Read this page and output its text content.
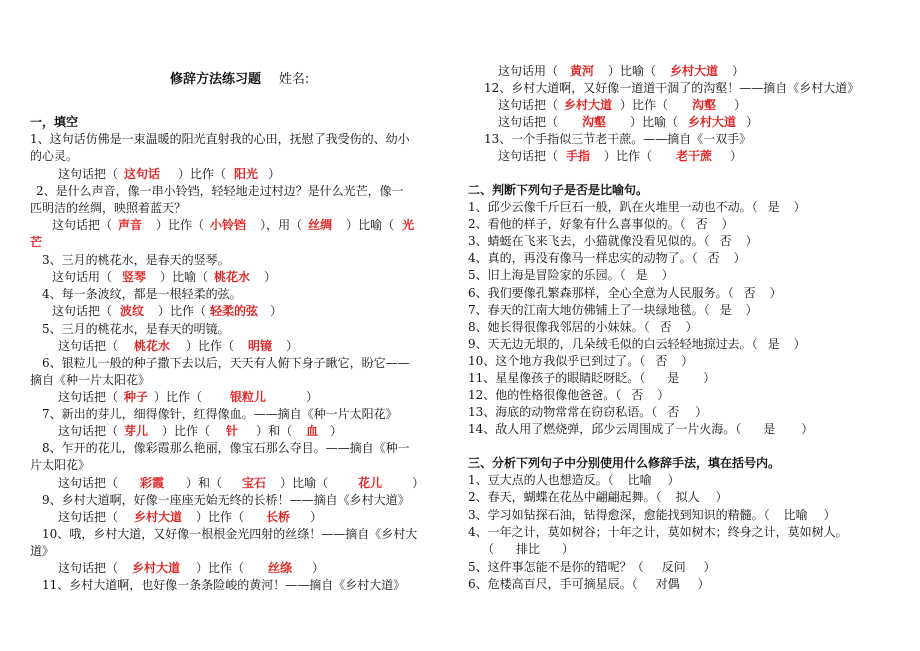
修辞方法练习题 姓名:
一，填空
1、这句话仿佛是一束温暖的阳光直射我的心田，抚慰了我受伤的、幼小
的心灵。
这句话把（ 这句话 ）比作（ 阳光 ）
2、是什么声音，像一串小铃铛，轻轻地走过村边？是什么光芒，像一
匹明洁的丝绸，映照着蓝天？
这句话把（ 声音 ）比作（ 小铃铛 ），用（ 丝绸 ）比喻（ 光
芒
3、三月的桃花水，是春天的竖琴。
这句话用（ 竖琴 ）比喻（ 桃花水 ）
4、每一条波纹，都是一根轻柔的弦。
这句话把（ 波纹 ）比作（ 轻柔的弦 ）
5、三月的桃花水，是春天的明镜。
这句话把（ 桃花水 ）比作（ 明镜 ）
6、银粒儿一般的种子撒下去以后，天天有人俯下身子瞅它，盼它——
摘自《种一片太阳花》
这句话把（ 种子 ）比作（ 银粒儿	）
7、新出的芽儿，细得像针，红得像血。——摘自《种一片太阳花》
这句话把（ 芽儿 ）比作（ 针 ）和（ 血 ）
8、乍开的花儿，像彩霞那么艳丽，像宝石那么夺目。——摘自《种一
片太阳花》
这句话把（ 彩霞 ）和（ 宝石 ）比喻（	花儿	）
9、乡村大道啊，好像一座座无始无终的长桥！——摘自《乡村大道》
这句话把（ 乡村大道 ）比作（ 长桥 ）
10、哦，乡村大道，又好像一根根金光四射的丝绦！——摘自《乡村大
道》
这句话把（ 乡村大道 ）比作（ 丝绦 ）
11、乡村大道啊，也好像一条条险峻的黄河！——摘自《乡村大道》
这句话用（ 黄河 ）比喻（ 乡村大道 ）
12、乡村大道啊，又好像一道道干涸了的沟壑！——摘自《乡村大道》
这句话把（ 乡村大道 ）比作（ 沟壑 ）
这句话把（ 沟壑 ）比喻（ 乡村大道 ）
13、一个手指似三节老干蔗。——摘自《一双手》
这句话把（ 手指 ）比作（ 老干蔗 ）
二、判断下列句子是否是比喻句。
1、邱少云像千斤巨石一般，趴在火堆里一动也不动。（ 是 ）
2、看他的样子，好象有什么喜事似的。（ 否 ）
3、蜻蜓在飞来飞去，小猫就像没看见似的。（ 否 ）
4、真的，再没有像马一样忠实的动物了。（ 否 ）
5、旧上海是冒险家的乐园。（ 是 ）
6、我们要像孔繁森那样，全心全意为人民服务。（ 否 ）
7、春天的江南大地仿佛铺上了一块绿地毯。（ 是 ）
8、她长得很像我邻居的小妹妹。（ 否 ）
9、天无边无垠的，几朵绒毛似的白云轻轻地掠过去。（ 是 ）
10、这个地方我似乎已到过了。（ 否 ）
11、星星像孩子的眼睛眨呀眨。（ 是 ）
12、他的性格很像他爸爸。（ 否 ）
13、海底的动物常常在窃窃私语。（ 否 ）
14、敌人用了燃烧弹，邱少云周围成了一片火海。（ 是 ）
三、分析下列句子中分别使用什么修辞手法，填在括号内。
1、豆大点的人也想造反。（ 比喻 ）
2、春天，蝴蝶在花丛中翩翩起舞。（ 拟人 ）
3、学习如钻探石油，钻得愈深，愈能找到知识的精髓。（ 比喻 ）
4、一年之计，莫如树谷；十年之计，莫如树木；终身之计，莫如树人。
（ 排比 ）
5、这件事怎能不是你的错呢？（ 反问 ）
6、危楼高百尺，手可摘星辰。（ 对偶 ）
